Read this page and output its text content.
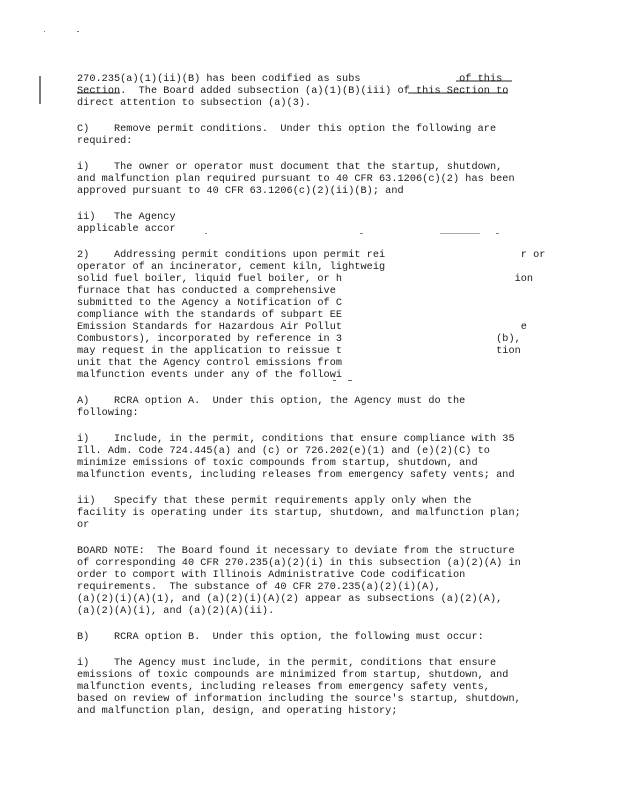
270.235(a)(1)(ii)(B) has been codified as subs                of this
Section.  The Board added subsection (a)(1)(B)(iii) of this Section to
direct attention to subsection (a)(3).
C)    Remove permit conditions.  Under this option the following are
required:
i)    The owner or operator must document that the startup, shutdown,
and malfunction plan required pursuant to 40 CFR 63.1206(c)(2) has been
approved pursuant to 40 CFR 63.1206(c)(2)(ii)(B); and
ii)   The Agency
applicable accor
2)    Addressing permit conditions upon permit rei                      r or
operator of an incinerator, cement kiln, lightweig
solid fuel boiler, liquid fuel boiler, or h                            ion
furnace that has conducted a comprehensive
submitted to the Agency a Notification of C
compliance with the standards of subpart EE
Emission Standards for Hazardous Air Pollut                             e
Combustors), incorporated by reference in 3                         (b),
may request in the application to reissue t                         tion
unit that the Agency control emissions from
malfunction events under any of the followi
A)    RCRA option A.  Under this option, the Agency must do the
following:
i)    Include, in the permit, conditions that ensure compliance with 35
Ill. Adm. Code 724.445(a) and (c) or 726.202(e)(1) and (e)(2)(C) to
minimize emissions of toxic compounds from startup, shutdown, and
malfunction events, including releases from emergency safety vents; and
ii)   Specify that these permit requirements apply only when the
facility is operating under its startup, shutdown, and malfunction plan;
or
BOARD NOTE:  The Board found it necessary to deviate from the structure
of corresponding 40 CFR 270.235(a)(2)(i) in this subsection (a)(2)(A) in
order to comport with Illinois Administrative Code codification
requirements.  The substance of 40 CFR 270.235(a)(2)(i)(A),
(a)(2)(i)(A)(1), and (a)(2)(i)(A)(2) appear as subsections (a)(2)(A),
(a)(2)(A)(i), and (a)(2)(A)(ii).
B)    RCRA option B.  Under this option, the following must occur:
i)    The Agency must include, in the permit, conditions that ensure
emissions of toxic compounds are minimized from startup, shutdown, and
malfunction events, including releases from emergency safety vents,
based on review of information including the source's startup, shutdown,
and malfunction plan, design, and operating history;
